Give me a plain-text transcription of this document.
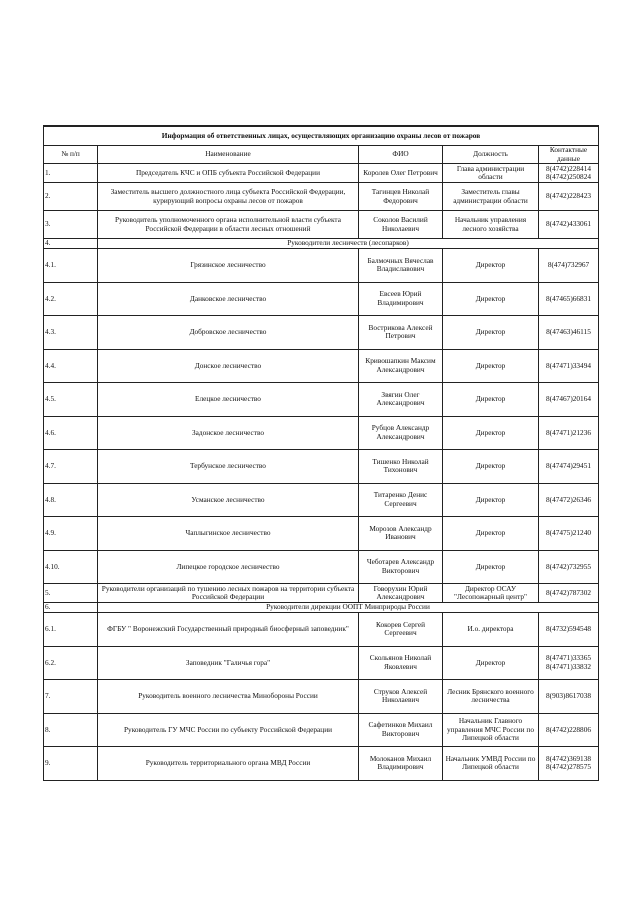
Информация об ответственных лицах, осуществляющих организацию охраны лесов от пожаров				
№ п/п	Наименование	ФИО	Должность	Контактные данные
1.	Председатель КЧС и ОПБ субъекта Российской Федерации	Королев Олег Петрович	Глава администрации области	8(4742)228414
8(4742)250824
2.	Заместитель высшего должностного лица субъекта Российской Федерации, курирующий вопросы охраны лесов от пожаров	Тагинцев Николай Федорович	Заместитель главы администрации области	8(4742)228423
3.	Руководитель уполномоченного органа исполнительной власти субъекта Российской Федерации в области лесных отношений	Соколов Василий Николаевич	Начальник управления лесного хозяйства	8(4742)433061
4.	Руководители лесничеств (лесопарков)			
4.1.	Грязинское лесничество	Балмочных Вячеслав Владиславович	Директор	8(474)732967
4.2.	Данковское лесничество	Евсеев Юрий Владимирович	Директор	8(47465)66831
4.3.	Добровское лесничество	Вострикова Алексей Петрович	Директор	8(47463)46115
4.4.	Донское лесничество	Кривошапкин Максим Александрович	Директор	8(47471)33494
4.5.	Елецкое лесничество	Звягин Олег Александрович	Директор	8(47467)20164
4.6.	Задонское лесничество	Рубцов Александр Александрович	Директор	8(47471)21236
4.7.	Тербунское лесничество	Тишенко Николай Тихонович	Директор	8(47474)29451
4.8.	Усманское лесничество	Титаренко Денис Сергеевич	Директор	8(47472)26346
4.9.	Чаплыгинское лесничество	Морозов Александр Иванович	Директор	8(47475)21240
4.10.	Липецкое городское лесничество	Чеботарев Александр Викторович	Директор	8(4742)732955
5.	Руководители организаций по тушению лесных пожаров на территории субъекта Российской Федерации	Говорухин Юрий Александрович	Директор ОСАУ "Лесопожарный центр"	8(4742)787302
6.	Руководители дирекции ООПТ Минприроды России			
6.1.	ФГБУ " Воронежский Государственный природный биосферный заповедник"	Кокорев Сергей Сергеевич	И.о. директора	8(4732)594548
6.2.	Заповедник "Галичья гора"	Скольянов Николай Яковлевич	Директор	8(47471)33365
8(47471)33832
7.	Руководитель военного лесничества Минобороны России	Струков Алексей Николаевич	Лесник Брянского военного лесничества	8(903)8617038
8.	Руководитель ГУ МЧС России по субъекту Российской Федерации	Сафетинков Михаил Викторович	Начальник Главного управления МЧС России по Липецкой области	8(4742)228806
9.	Руководитель территориального органа МВД России	Молоканов Михаил Владимирович	Начальник УМВД России по Липецкой области	8(4742)369138
8(4742)278575
